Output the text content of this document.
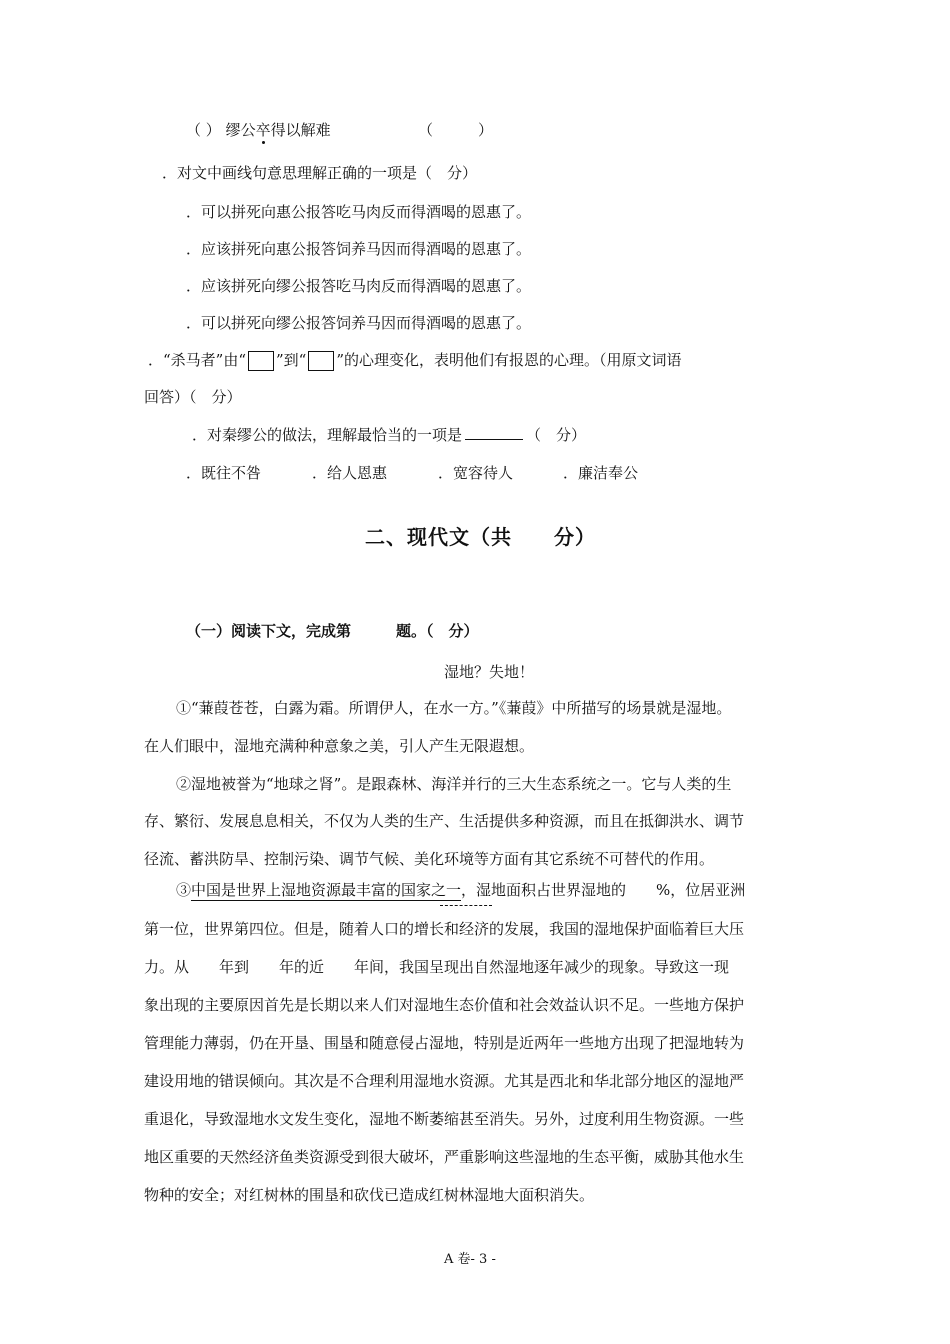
（ ） 缪公卒得以解难	（　　　）
．对文中画线句意思理解正确的一项是（　分）
．可以拼死向惠公报答吃马肉反而得酒喝的恩惠了。
．应该拼死向惠公报答饲养马因而得酒喝的恩惠了。
．应该拼死向缪公报答吃马肉反而得酒喝的恩惠了。
．可以拼死向缪公报答饲养马因而得酒喝的恩惠了。
．“杀马者”由“ ”到“ ”的心理变化，表明他们有报恩的心理。（用原文词语
回答）（　分）
．对秦缪公的做法，理解最恰当的一项是	（　分）
．既往不咎	．给人恩惠	．宽容待人	．廉洁奉公
二、现代文（共　　分）
（一）阅读下文，完成第　　　题。（　分）
湿地？失地！
①“蒹葭苍苍，白露为霜。所谓伊人，在水一方。”《蒹葭》中所描写的场景就是湿地。
在人们眼中，湿地充满种种意象之美，引人产生无限遐想。
②湿地被誉为“地球之肾”。是跟森林、海洋并行的三大生态系统之一。它与人类的生
存、繁衍、发展息息相关，不仅为人类的生产、生活提供多种资源，而且在抵御洪水、调节
径流、蓄洪防旱、控制污染、调节气候、美化环境等方面有其它系统不可替代的作用。
③中国是世界上湿地资源最丰富的国家之一，湿地面积占世界湿地的　　%，位居亚洲
第一位，世界第四位。但是，随着人口的增长和经济的发展，我国的湿地保护面临着巨大压
力。从　　年到　　年的近　　年间，我国呈现出自然湿地逐年减少的现象。导致这一现
象出现的主要原因首先是长期以来人们对湿地生态价值和社会效益认识不足。一些地方保护
管理能力薄弱，仍在开垦、围垦和随意侵占湿地，特别是近两年一些地方出现了把湿地转为
建设用地的错误倾向。其次是不合理利用湿地水资源。尤其是西北和华北部分地区的湿地严
重退化，导致湿地水文发生变化，湿地不断萎缩甚至消失。另外，过度利用生物资源。一些
地区重要的天然经济鱼类资源受到很大破坏，严重影响这些湿地的生态平衡，威胁其他水生
物种的安全；对红树林的围垦和砍伐已造成红树林湿地大面积消失。
A 卷- 3 -
